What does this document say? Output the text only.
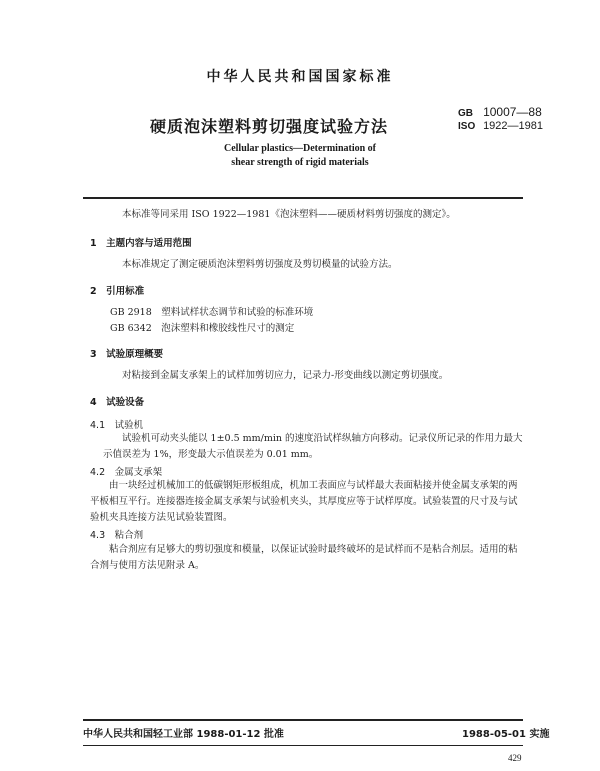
中华人民共和国国家标准
硬质泡沫塑料剪切强度试验方法
GB 10007—88
ISO 1922—1981
Cellular plastics—Determination of
shear strength of rigid materials
本标准等同采用 ISO 1922—1981《泡沫塑料——硬质材料剪切强度的测定》。
1　主题内容与适用范围
本标准规定了测定硬质泡沫塑料剪切强度及剪切模量的试验方法。
2　引用标准
GB 2918　塑料试样状态调节和试验的标准环境
GB 6342　泡沫塑料和橡胶线性尺寸的测定
3　试验原理概要
对粘接到金属支承架上的试样加剪切应力，记录力-形变曲线以测定剪切强度。
4　试验设备
4.1　试验机
试验机可动夹头能以 1±0.5 mm/min 的速度沿试样纵轴方向移动。记录仪所记录的作用力最大示值误差为 1%，形变最大示值误差为 0.01 mm。
4.2　金属支承架
由一块经过机械加工的低碳钢矩形板组成，机加工表面应与试样最大表面粘接并使金属支承架的两平板相互平行。连接器连接金属支承架与试验机夹头，其厚度应等于试样厚度。试验装置的尺寸及与试验机夹具连接方法见试验装置图。
4.3　粘合剂
粘合剂应有足够大的剪切强度和模量，以保证试验时最终破坏的是试样而不是粘合剂层。适用的粘合剂与使用方法见附录 A。
中华人民共和国轻工业部 1988-01-12 批准	1988-05-01 实施
429
